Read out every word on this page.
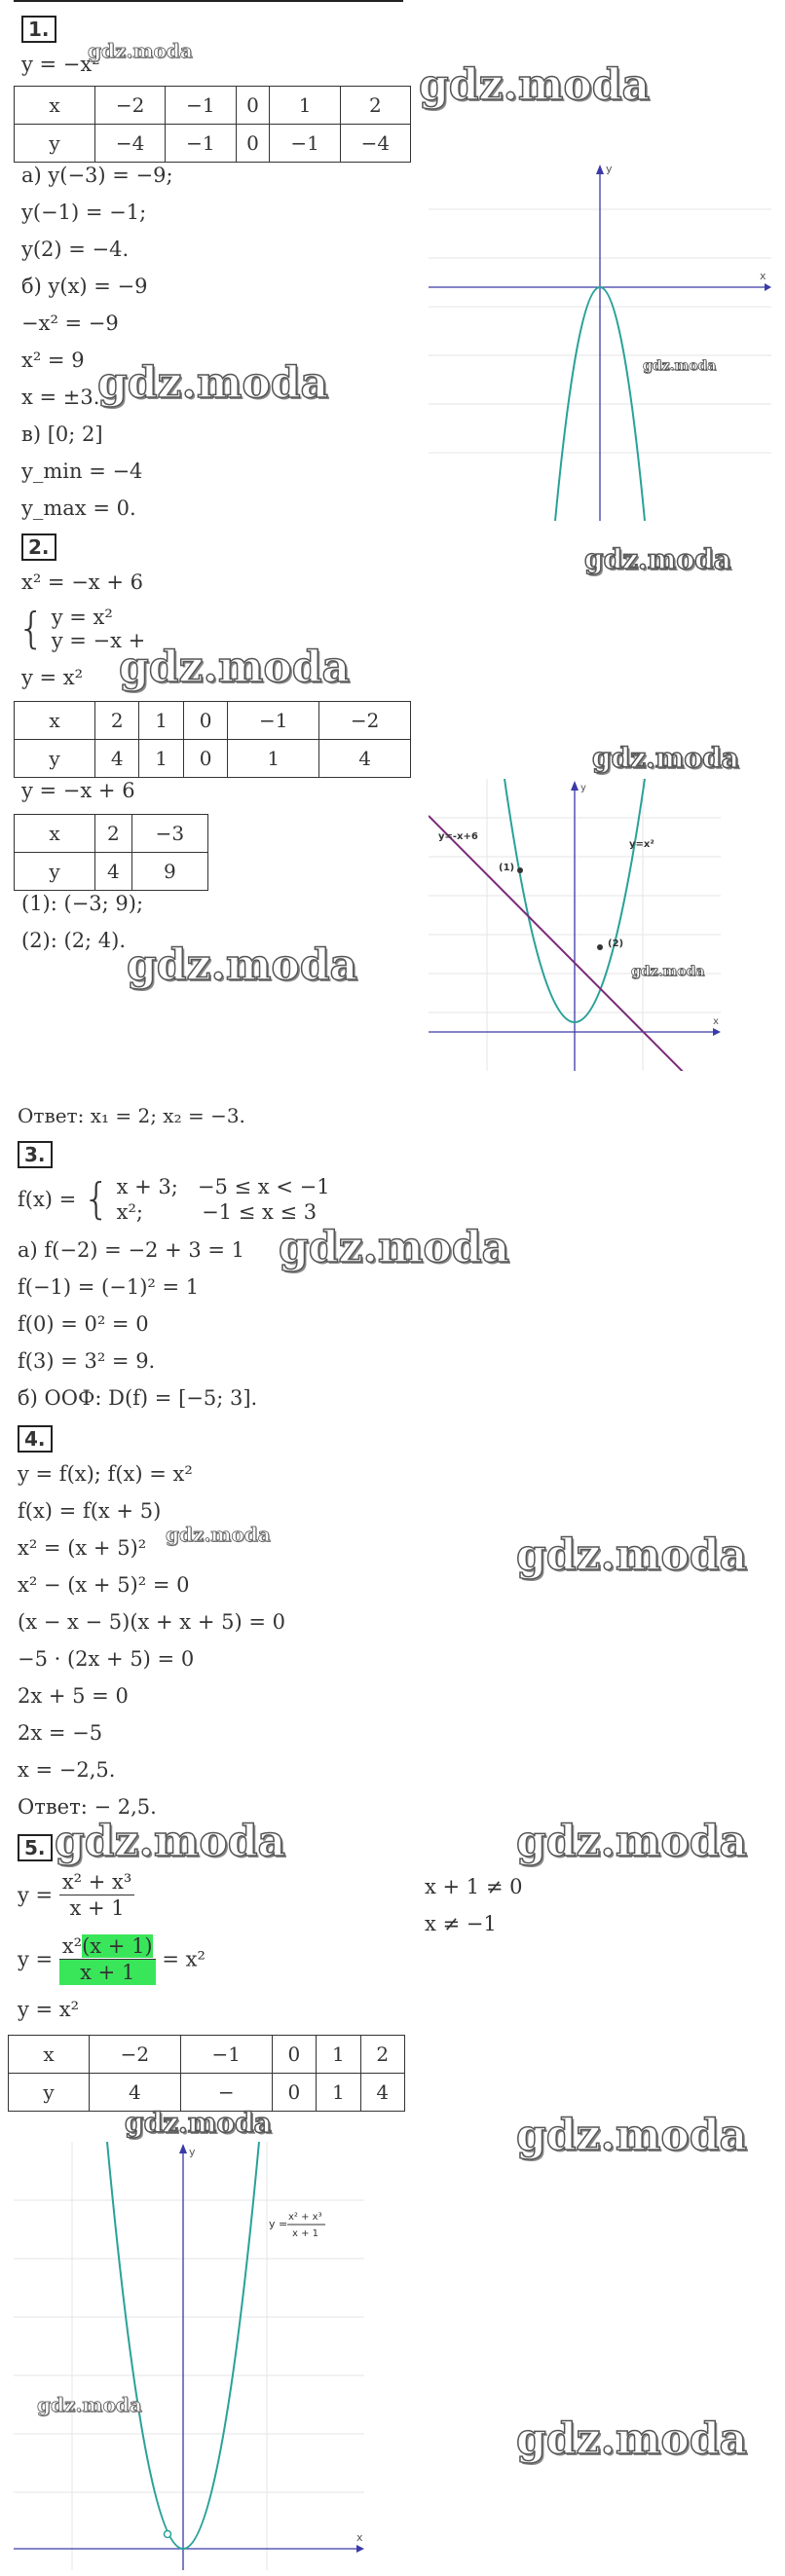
1.
y = −x²
x	−2	−1	0	1	2
y	−4	−1	0	−1	−4
а) y(−3) = −9;
y(−1) = −1;
y(2) = −4.
б) y(x) = −9
−x² = −9
x² = 9
x = ±3.
в) [0; 2]
y_min = −4
y_max = 0.
gdz.moda
gdz.moda
gdz.moda
x
y
gdz.moda
gdz.moda
2.
x² = −x + 6
{ y = x²
y = −x +
y = x²
x	2	1	0	−1	−2
y	4	1	0	1	4
y = −x + 6
x	2	−3
y	4	9
(1): (−3; 9);
(2): (2; 4).
gdz.moda
gdz.moda
gdz.moda
x
y
y=-x+6
y=x²
(1)
(2)
gdz.moda
Ответ: x₁ = 2; x₂ = −3.
3.
f(x) = { x + 3;   −5 ≤ x < −1
x²;         −1 ≤ x ≤ 3
а) f(−2) = −2 + 3 = 1
f(−1) = (−1)² = 1
f(0) = 0² = 0
f(3) = 3² = 9.
б) ООФ: D(f) = [−5; 3].
gdz.moda
4.
y = f(x); f(x) = x²
f(x) = f(x + 5)
x² = (x + 5)²
x² − (x + 5)² = 0
(x − x − 5)(x + x + 5) = 0
−5 · (2x + 5) = 0
2x + 5 = 0
2x = −5
x = −2,5.
Ответ: − 2,5.
gdz.moda	gdz.moda
5. gdz.moda	gdz.moda
$y = \frac{\text{x² + x³}}{x + 1}$
$y = \frac{\text{x²(x + 1)}}{x + 1} = x^2$
y = x²
x + 1 ≠ 0
x ≠ −1
x	−2	−1	0	1	2
y	4	−	0	1	4
gdz.moda	gdz.moda
x
y
y =
x² + x³
x + 1
gdz.moda
gdz.moda
